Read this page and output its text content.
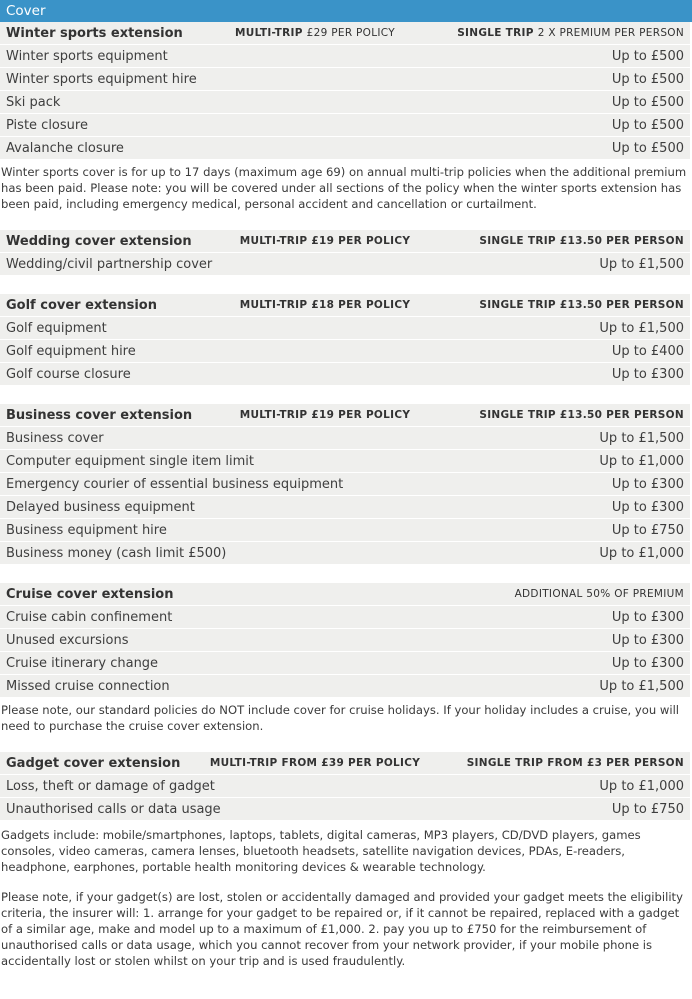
Cover
Winter sports extension	MULTI-TRIP £29 PER POLICY	SINGLE TRIP 2 X PREMIUM PER PERSON
Winter sports equipment		Up to £500
Winter sports equipment hire		Up to £500
Ski pack		Up to £500
Piste closure		Up to £500
Avalanche closure		Up to £500

Winter sports cover is for up to 17 days (maximum age 69) on annual multi-trip policies when the additional premium has been paid. Please note: you will be covered under all sections of the policy when the winter sports extension has been paid, including emergency medical, personal accident and cancellation or curtailment.

Wedding cover extension	MULTI-TRIP £19 PER POLICY	SINGLE TRIP £13.50 PER PERSON
Wedding/civil partnership cover		Up to £1,500
Golf cover extension	MULTI-TRIP £18 PER POLICY	SINGLE TRIP £13.50 PER PERSON
Golf equipment		Up to £1,500
Golf equipment hire		Up to £400
Golf course closure		Up to £300
Business cover extension	MULTI-TRIP £19 PER POLICY	SINGLE TRIP £13.50 PER PERSON
Business cover		Up to £1,500
Computer equipment single item limit		Up to £1,000
Emergency courier of essential business equipment		Up to £300
Delayed business equipment		Up to £300
Business equipment hire		Up to £750
Business money (cash limit £500)		Up to £1,000
Cruise cover extension		ADDITIONAL 50% OF PREMIUM
Cruise cabin confinement		Up to £300
Unused excursions		Up to £300
Cruise itinerary change		Up to £300
Missed cruise connection		Up to £1,500

Please note, our standard policies do NOT include cover for cruise holidays. If your holiday includes a cruise, you will need to purchase the cruise cover extension.

Gadget cover extension	MULTI-TRIP FROM £39 PER POLICY	SINGLE TRIP FROM £3 PER PERSON
Loss, theft or damage of gadget		Up to £1,000
Unauthorised calls or data usage		Up to £750

Gadgets include: mobile/smartphones, laptops, tablets, digital cameras, MP3 players, CD/DVD players, games consoles, video cameras, camera lenses, bluetooth headsets, satellite navigation devices, PDAs, E-readers, headphone, earphones, portable health monitoring devices & wearable technology.

Please note, if your gadget(s) are lost, stolen or accidentally damaged and provided your gadget meets the eligibility criteria, the insurer will: 1. arrange for your gadget to be repaired or, if it cannot be repaired, replaced with a gadget of a similar age, make and model up to a maximum of £1,000. 2. pay you up to £750 for the reimbursement of unauthorised calls or data usage, which you cannot recover from your network provider, if your mobile phone is accidentally lost or stolen whilst on your trip and is used fraudulently.
